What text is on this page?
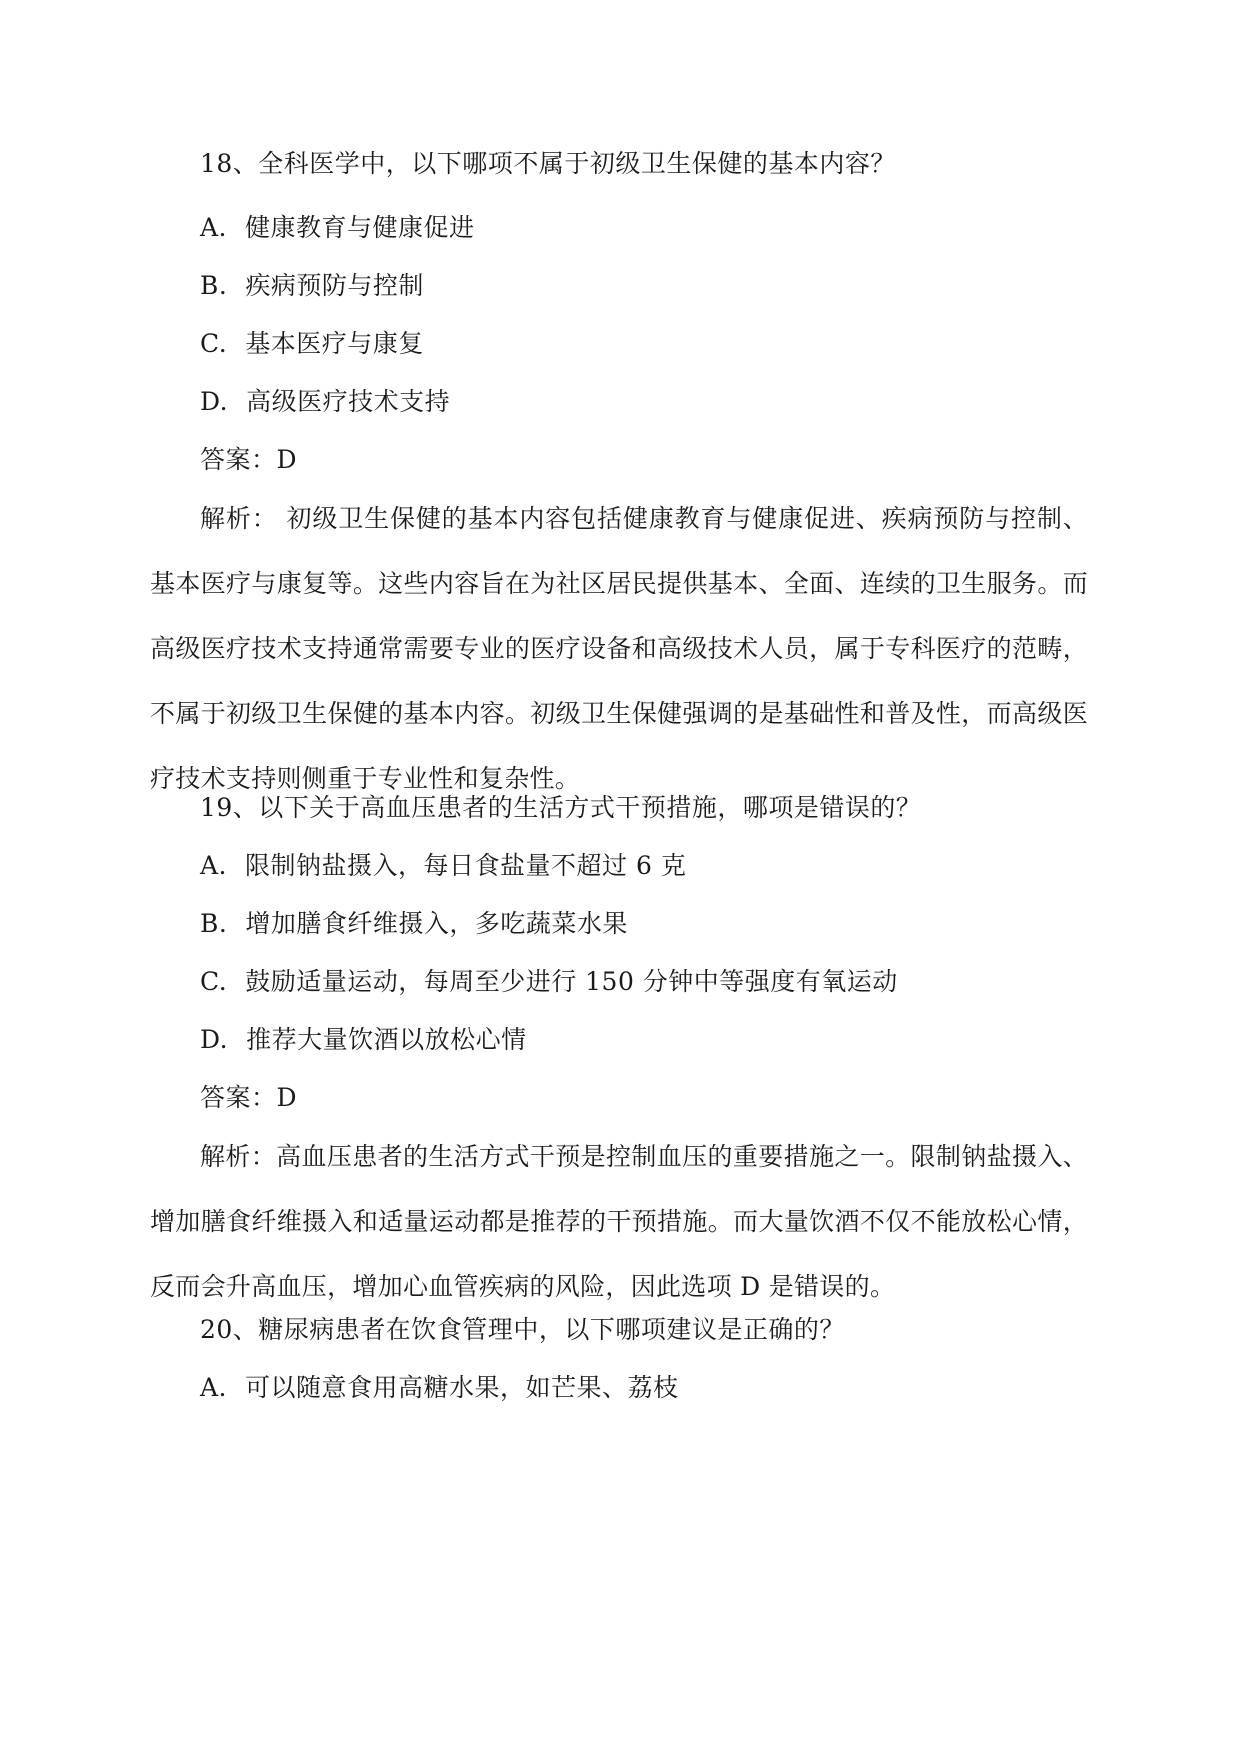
18、全科医学中，以下哪项不属于初级卫生保健的基本内容？
A. 健康教育与健康促进
B. 疾病预防与控制
C. 基本医疗与康复
D. 高级医疗技术支持
答案：D
解析： 初级卫生保健的基本内容包括健康教育与健康促进、疾病预防与控制、基本医疗与康复等。这些内容旨在为社区居民提供基本、全面、连续的卫生服务。而高级医疗技术支持通常需要专业的医疗设备和高级技术人员，属于专科医疗的范畴，不属于初级卫生保健的基本内容。初级卫生保健强调的是基础性和普及性，而高级医疗技术支持则侧重于专业性和复杂性。
19、以下关于高血压患者的生活方式干预措施，哪项是错误的？
A. 限制钠盐摄入，每日食盐量不超过 6 克
B. 增加膳食纤维摄入，多吃蔬菜水果
C. 鼓励适量运动，每周至少进行 150 分钟中等强度有氧运动
D. 推荐大量饮酒以放松心情
答案：D
解析：高血压患者的生活方式干预是控制血压的重要措施之一。限制钠盐摄入、增加膳食纤维摄入和适量运动都是推荐的干预措施。而大量饮酒不仅不能放松心情，反而会升高血压，增加心血管疾病的风险，因此选项 D 是错误的。
20、糖尿病患者在饮食管理中，以下哪项建议是正确的？
A. 可以随意食用高糖水果，如芒果、荔枝
